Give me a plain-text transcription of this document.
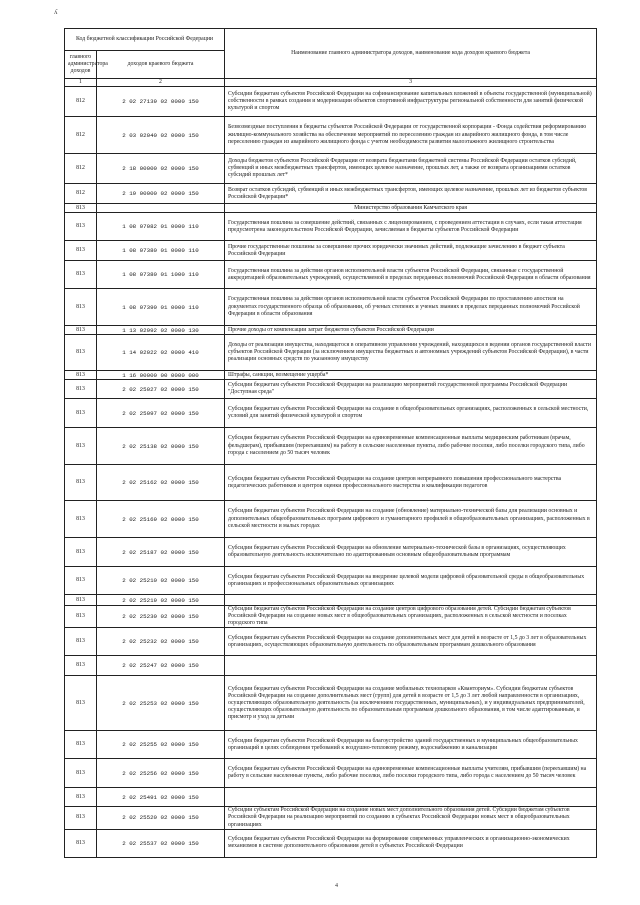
ʎ
Код бюджетной классификации Российской Федерации		Наименование главного администратора доходов, наименование кода доходов краевого бюджета
главного администратора доходов	доходов краевого бюджета	
1	2	3
812	2 02 27139 02 0000 150	Субсидии бюджетам субъектов Российской Федерации на софинансирование капитальных вложений в объекты государственной (муниципальной) собственности в рамках создания и модернизации объектов спортивной инфраструктуры региональной собственности для занятий физической культурой и спортом
812	2 03 02040 02 0000 150	Безвозмездные поступления в бюджеты субъектов Российской Федерации от государственной корпорации - Фонда содействия реформированию жилищно-коммунального хозяйства на обеспечение мероприятий по переселению граждан из аварийного жилищного фонда, в том числе переселению граждан из аварийного жилищного фонда с учетом необходимости развития малоэтажного жилищного строительства
812	2 18 00000 02 0000 150	Доходы бюджетов субъектов Российской Федерации от возврата бюджетами бюджетной системы Российской Федерации остатков субсидий, субвенций и иных межбюджетных трансфертов, имеющих целевое назначение, прошлых лет, а также от возврата организациями остатков субсидий прошлых лет*
812	2 19 00000 02 0000 150	Возврат остатков субсидий, субвенций и иных межбюджетных трансфертов, имеющих целевое назначение, прошлых лет из бюджетов субъектов Российской Федерации*
813		Министерство образования Камчатского края
813	1 08 07082 01 0000 110	Государственная пошлина за совершение действий, связанных с лицензированием, с проведением аттестации в случаях, если такая аттестация предусмотрена законодательством Российской Федерации, зачисляемая в бюджеты субъектов Российской Федерации
813	1 08 07380 01 0000 110	Прочие государственные пошлины за совершение прочих юридически значимых действий, подлежащие зачислению в бюджет субъекта Российской Федерации
813	1 08 07380 01 1000 110	Государственная пошлина за действия органов исполнительной власти субъектов Российской Федерации, связанные с государственной аккредитацией образовательных учреждений, осуществляемой в пределах переданных полномочий Российской Федерации в области образования
813	1 08 07390 01 0000 110	Государственная пошлина за действия органов исполнительной власти субъектов Российской Федерации по проставлению апостиля на документах государственного образца об образовании, об ученых степенях и ученых званиях в пределах переданных полномочий Российской Федерации в области образования
813	1 13 02992 02 0000 130	Прочие доходы от компенсации затрат бюджетов субъектов Российской Федерации
813	1 14 02022 02 0000 410	Доходы от реализации имущества, находящегося в оперативном управлении учреждений, находящихся в ведении органов государственной власти субъектов Российской Федерации (за исключением имущества бюджетных и автономных учреждений субъектов Российской Федерации), в части реализации основных средств по указанному имуществу
813	1 16 00000 00 0000 000	Штрафы, санкции, возмещение ущерба*
813	2 02 25027 02 0000 150	Субсидии бюджетам субъектов Российской Федерации на реализацию мероприятий государственной программы Российской Федерации "Доступная среда"
813	2 02 25097 02 0000 150	Субсидии бюджетам субъектов Российской Федерации на создание в общеобразовательных организациях, расположенных в сельской местности, условий для занятий физической культурой и спортом
813	2 02 25138 02 0000 150	Субсидии бюджетам субъектов Российской Федерации на единовременные компенсационные выплаты медицинским работникам (врачам, фельдшерам), прибывшим (переехавшим) на работу в сельские населенные пункты, либо рабочие поселки, либо поселки городского типа, либо города с населением до 50 тысяч человек
813	2 02 25162 02 0000 150	Субсидии бюджетам субъектов Российской Федерации на создание центров непрерывного повышения профессионального мастерства педагогических работников и центров оценки профессионального мастерства и квалификации педагогов
813	2 02 25169 02 0000 150	Субсидии бюджетам субъектов Российской Федерации на создание (обновление) материально-технической базы для реализации основных и дополнительных общеобразовательных программ цифрового и гуманитарного профилей в общеобразовательных организациях, расположенных в сельской местности и малых городах
813	2 02 25187 02 0000 150	Субсидии бюджетам субъектов Российской Федерации на обновление материально-технической базы в организациях, осуществляющих образовательную деятельность исключительно по адаптированным основным общеобразовательным программам
813	2 02 25210 02 0000 150	Субсидии бюджетам субъектов Российской Федерации на внедрение целевой модели цифровой образовательной среды в общеобразовательных организациях и профессиональных образовательных организациях
813	2 02 25219 02 0000 150	
813	2 02 25230 02 0000 150	Субсидии бюджетам субъектов Российской Федерации на создание центров цифрового образования детей. Субсидии бюджетам субъектов Российской Федерации на создание новых мест в общеобразовательных организациях, расположенных в сельской местности и поселках городского типа
813	2 02 25232 02 0000 150	Субсидии бюджетам субъектов Российской Федерации на создание дополнительных мест для детей в возрасте от 1,5 до 3 лет в образовательных организациях, осуществляющих образовательную деятельность по образовательным программам дошкольного образования
813	2 02 25247 02 0000 150	
813	2 02 25253 02 0000 150	Субсидии бюджетам субъектов Российской Федерации на создание мобильных технопарков «Кванториум». Субсидии бюджетам субъектов Российской Федерации на создание дополнительных мест (групп) для детей в возрасте от 1,5 до 3 лет любой направленности в организациях, осуществляющих образовательную деятельность (за исключением государственных, муниципальных), и у индивидуальных предпринимателей, осуществляющих образовательную деятельность по образовательным программам дошкольного образования, в том числе адаптированным, и присмотр и уход за детьми
813	2 02 25255 02 0000 150	Субсидии бюджетам субъектов Российской Федерации на благоустройство зданий государственных и муниципальных общеобразовательных организаций в целях соблюдения требований к воздушно-тепловому режиму, водоснабжению и канализации
813	2 02 25256 02 0000 150	Субсидии бюджетам субъектов Российской Федерации на единовременные компенсационные выплаты учителям, прибывшим (переехавшим) на работу в сельские населенные пункты, либо рабочие поселки, либо поселки городского типа, либо города с населением до 50 тысяч человек
813	2 02 25491 02 0000 150	
813	2 02 25520 02 0000 150	Субсидии субъектам Российской Федерации на создание новых мест дополнительного образования детей. Субсидии бюджетам субъектов Российской Федерации на реализацию мероприятий по созданию в субъектах Российской Федерации новых мест в общеобразовательных организациях
813	2 02 25537 02 0000 150	Субсидии бюджетам субъектов Российской Федерации на формирование современных управленческих и организационно-экономических механизмов в системе дополнительного образования детей в субъектах Российской Федерации
4
